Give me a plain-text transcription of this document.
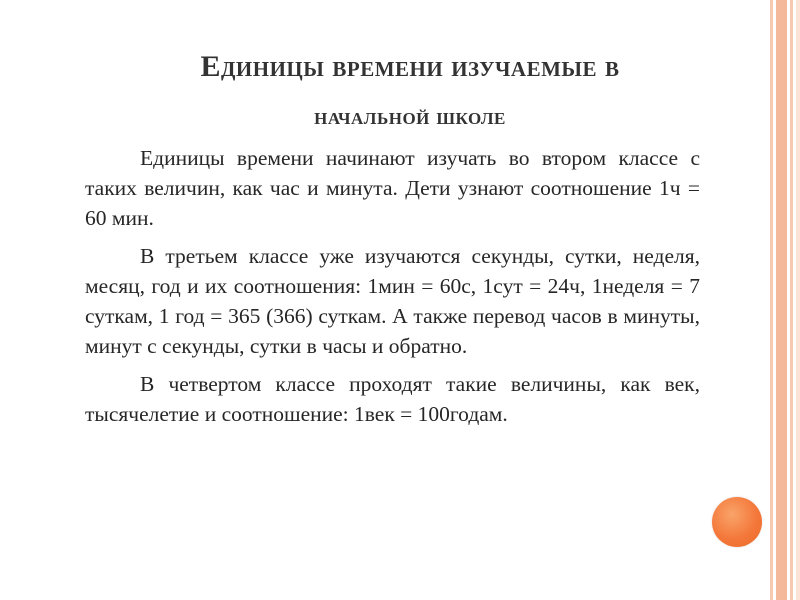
Единицы времени изучаемые в
начальной школе

Единицы времени начинают изучать во втором классе с таких величин, как час и минута. Дети узнают соотношение 1ч = 60 мин.

В третьем классе уже изучаются секунды, сутки, неделя, месяц, год и их соотношения: 1мин = 60с, 1сут = 24ч, 1неделя = 7 суткам, 1 год = 365 (366) суткам. А также перевод часов в минуты, минут с секунды, сутки в часы и обратно.

В четвертом классе проходят такие величины, как век, тысячелетие и соотношение: 1век = 100годам.
